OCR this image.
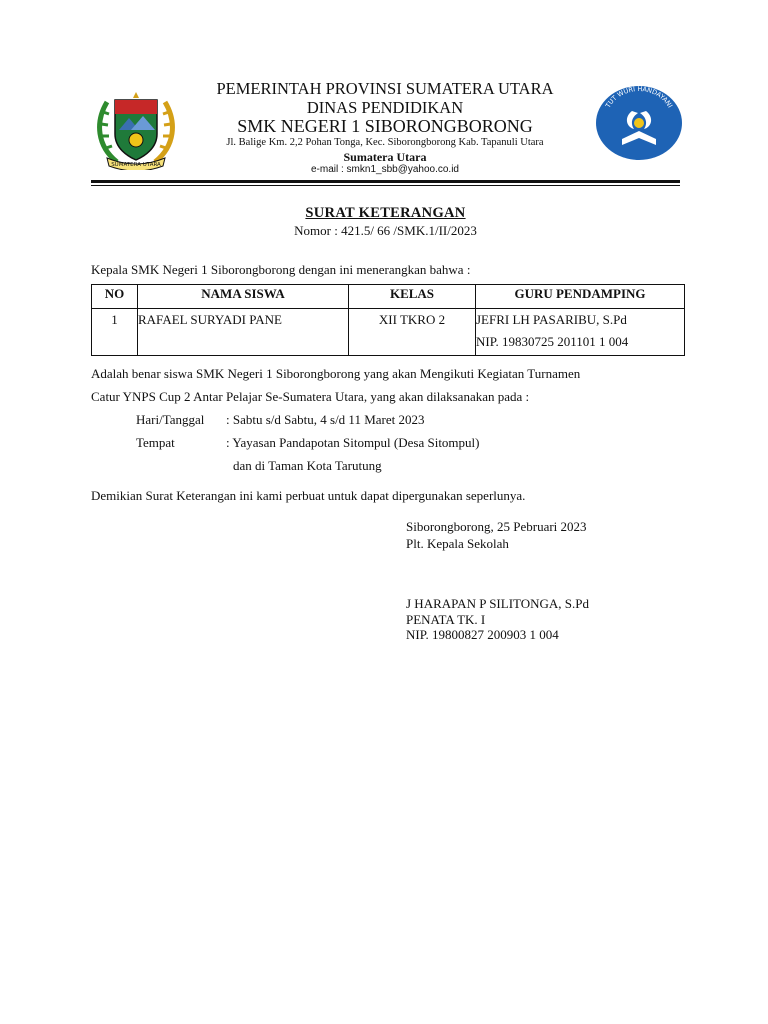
SUMATERA UTARA
TUT WURI HANDAYANI
PEMERINTAH PROVINSI SUMATERA UTARA
DINAS PENDIDIKAN
SMK NEGERI 1 SIBORONGBORONG
Jl. Balige Km. 2,2 Pohan Tonga, Kec. Siborongborong Kab. Tapanuli Utara
Sumatera Utara
e-mail : smkn1_sbb@yahoo.co.id
SURAT KETERANGAN
Nomor : 421.5/ 66 /SMK.1/II/2023
Kepala SMK Negeri 1 Siborongborong dengan ini menerangkan bahwa :
NO	NAMA SISWA	KELAS	GURU PENDAMPING

1	RAFAEL SURYADI PANE	XII TKRO 2	JEFRI LH PASARIBU, S.Pd
NIP. 19830725 201101 1 004
Adalah benar siswa SMK Negeri 1 Siborongborong yang akan Mengikuti Kegiatan Turnamen
Catur YNPS Cup 2 Antar Pelajar Se-Sumatera Utara, yang akan dilaksanakan pada :
Hari/Tanggal : Sabtu s/d Sabtu, 4 s/d 11 Maret 2023
Tempat	: Yayasan Pandapotan Sitompul (Desa Sitompul)
dan di Taman Kota Tarutung
Demikian Surat Keterangan ini kami perbuat untuk dapat dipergunakan seperlunya.
Siborongborong, 25 Pebruari 2023
Plt. Kepala Sekolah
J HARAPAN P SILITONGA, S.Pd
PENATA TK. I
NIP. 19800827 200903 1 004
